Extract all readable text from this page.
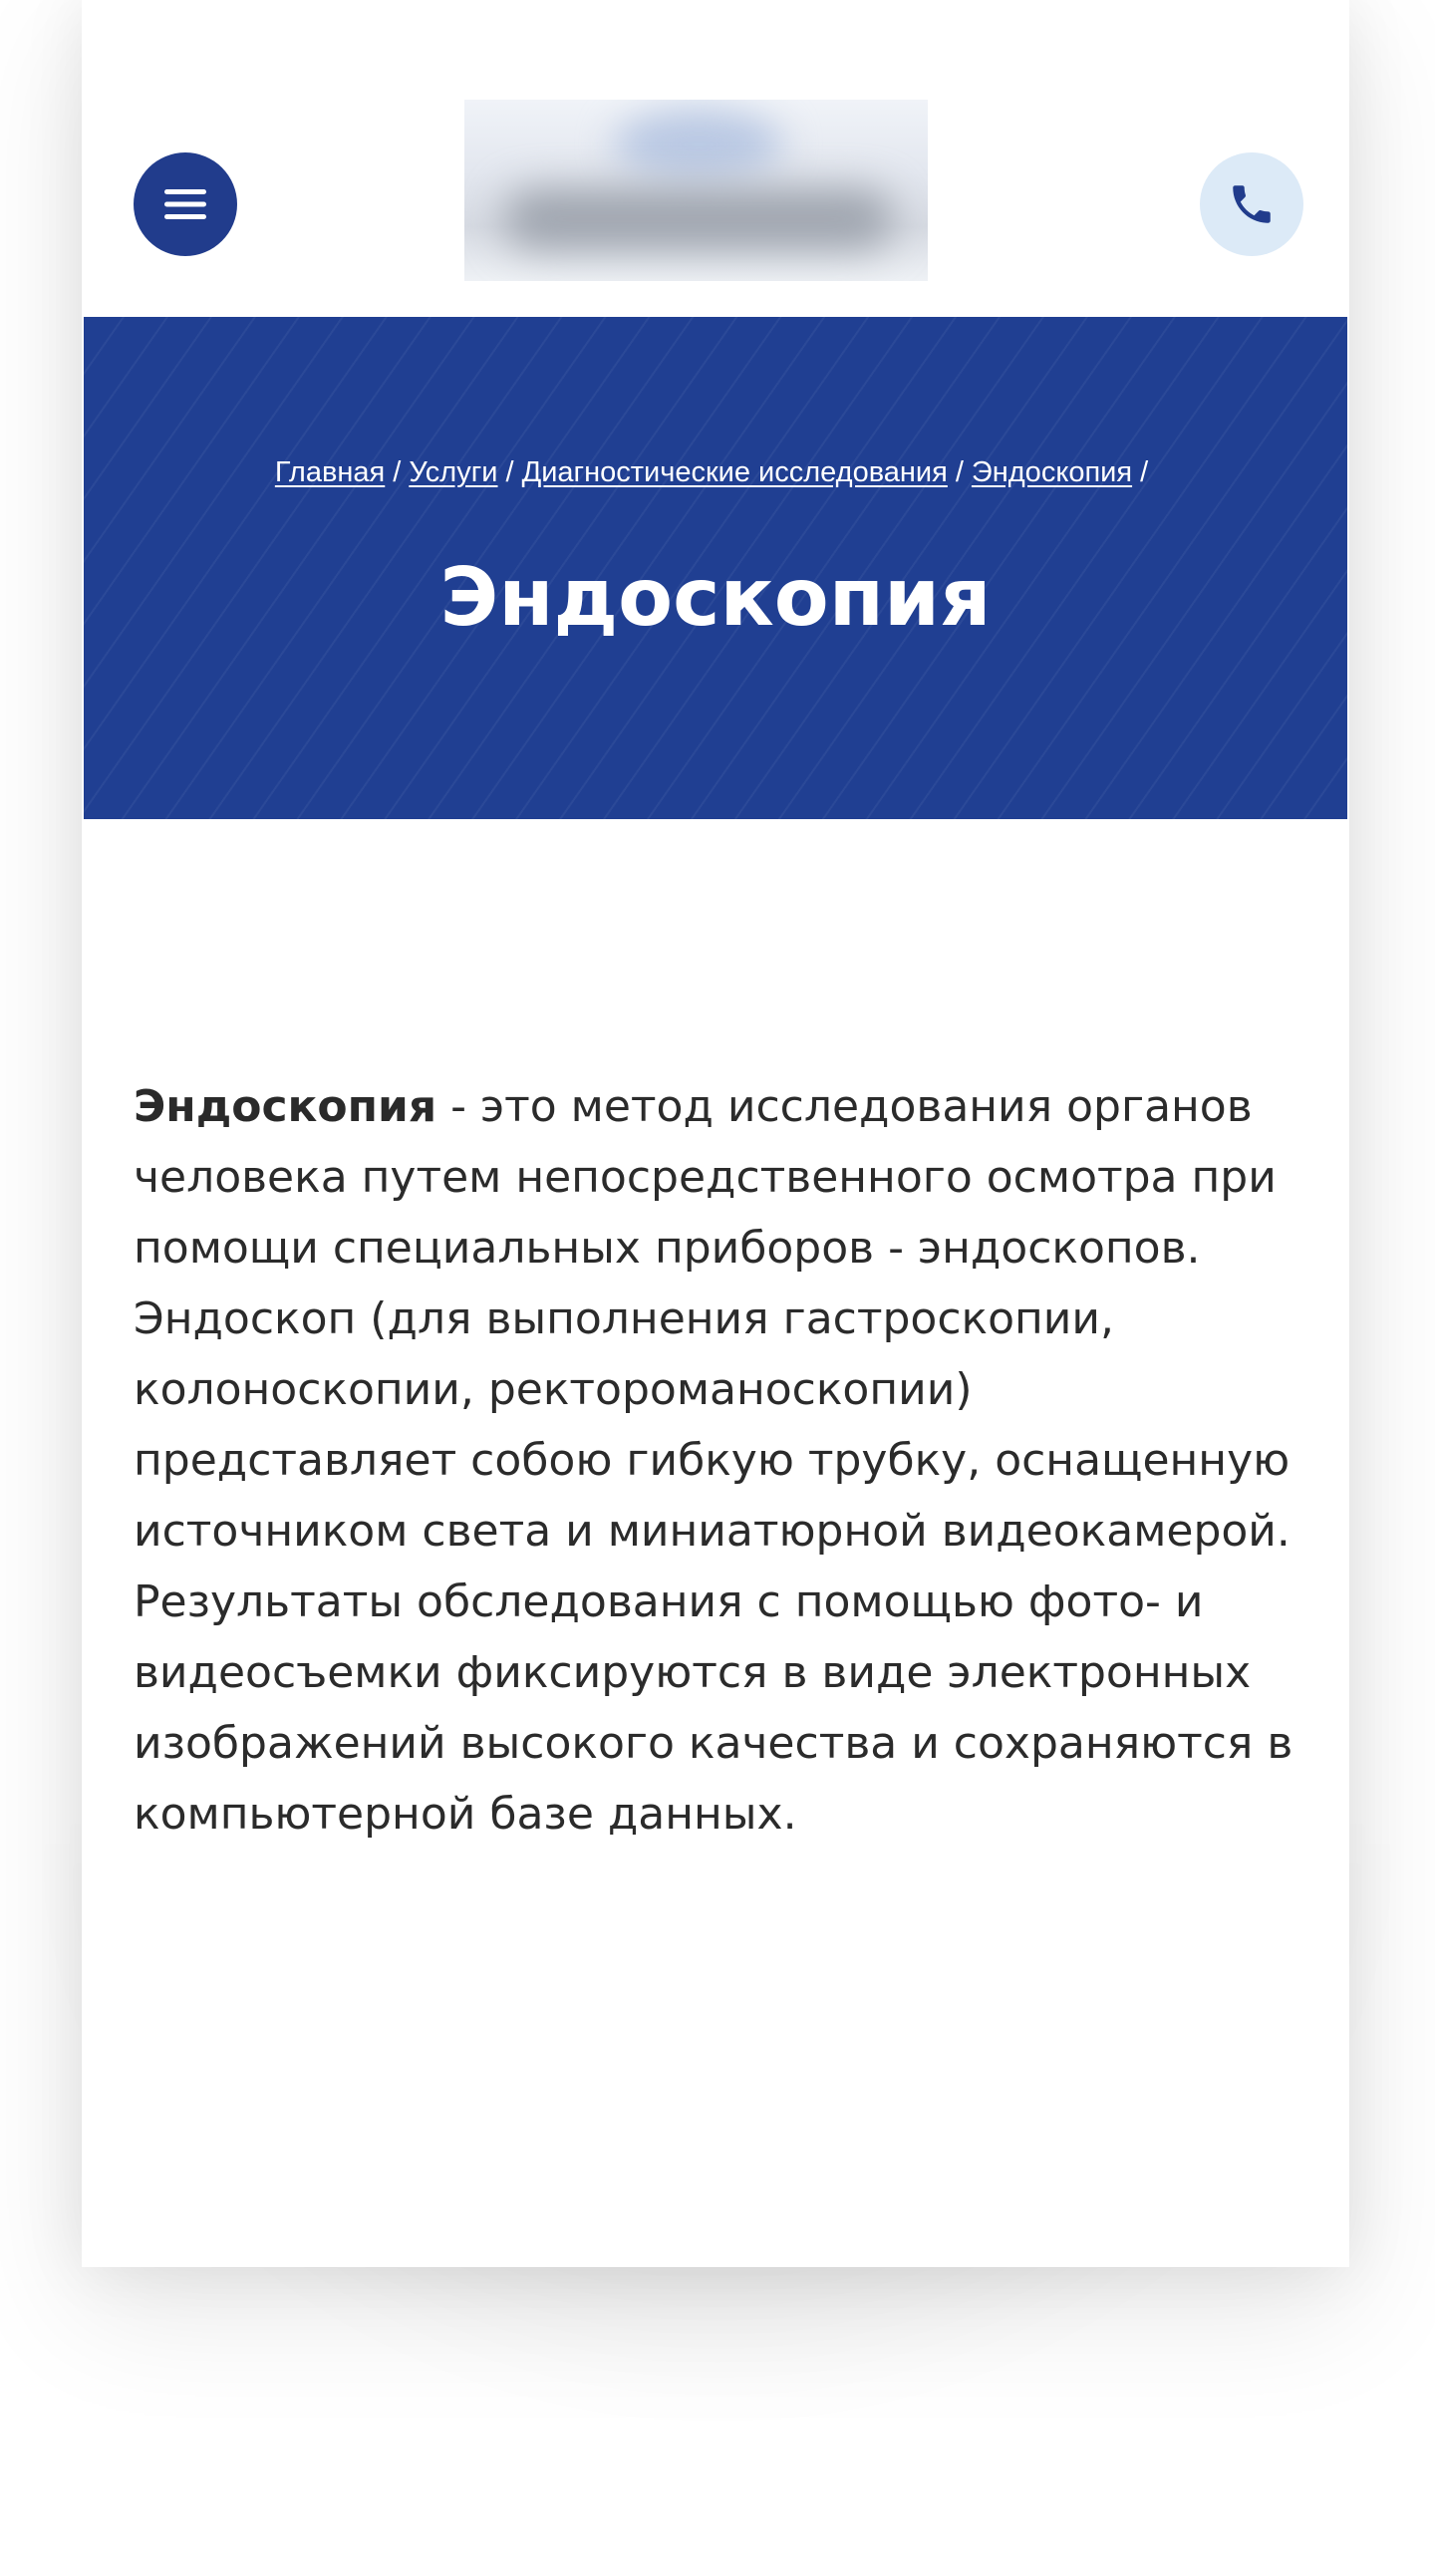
Главная / Услуги / Диагностические исследования / Эндоскопия /
Эндоскопия

Эндоскопия - это метод исследования органов человека путем непосредственного осмотра при помощи специальных приборов - эндоскопов. Эндоскоп (для выполнения гастроскопии, колоноскопии, ректороманоскопии) представляет собою гибкую трубку, оснащенную источником света и миниатюрной видеокамерой. Результаты обследования с помощью фото- и видеосъемки фиксируются в виде электронных изображений высокого качества и сохраняются в компьютерной базе данных.
